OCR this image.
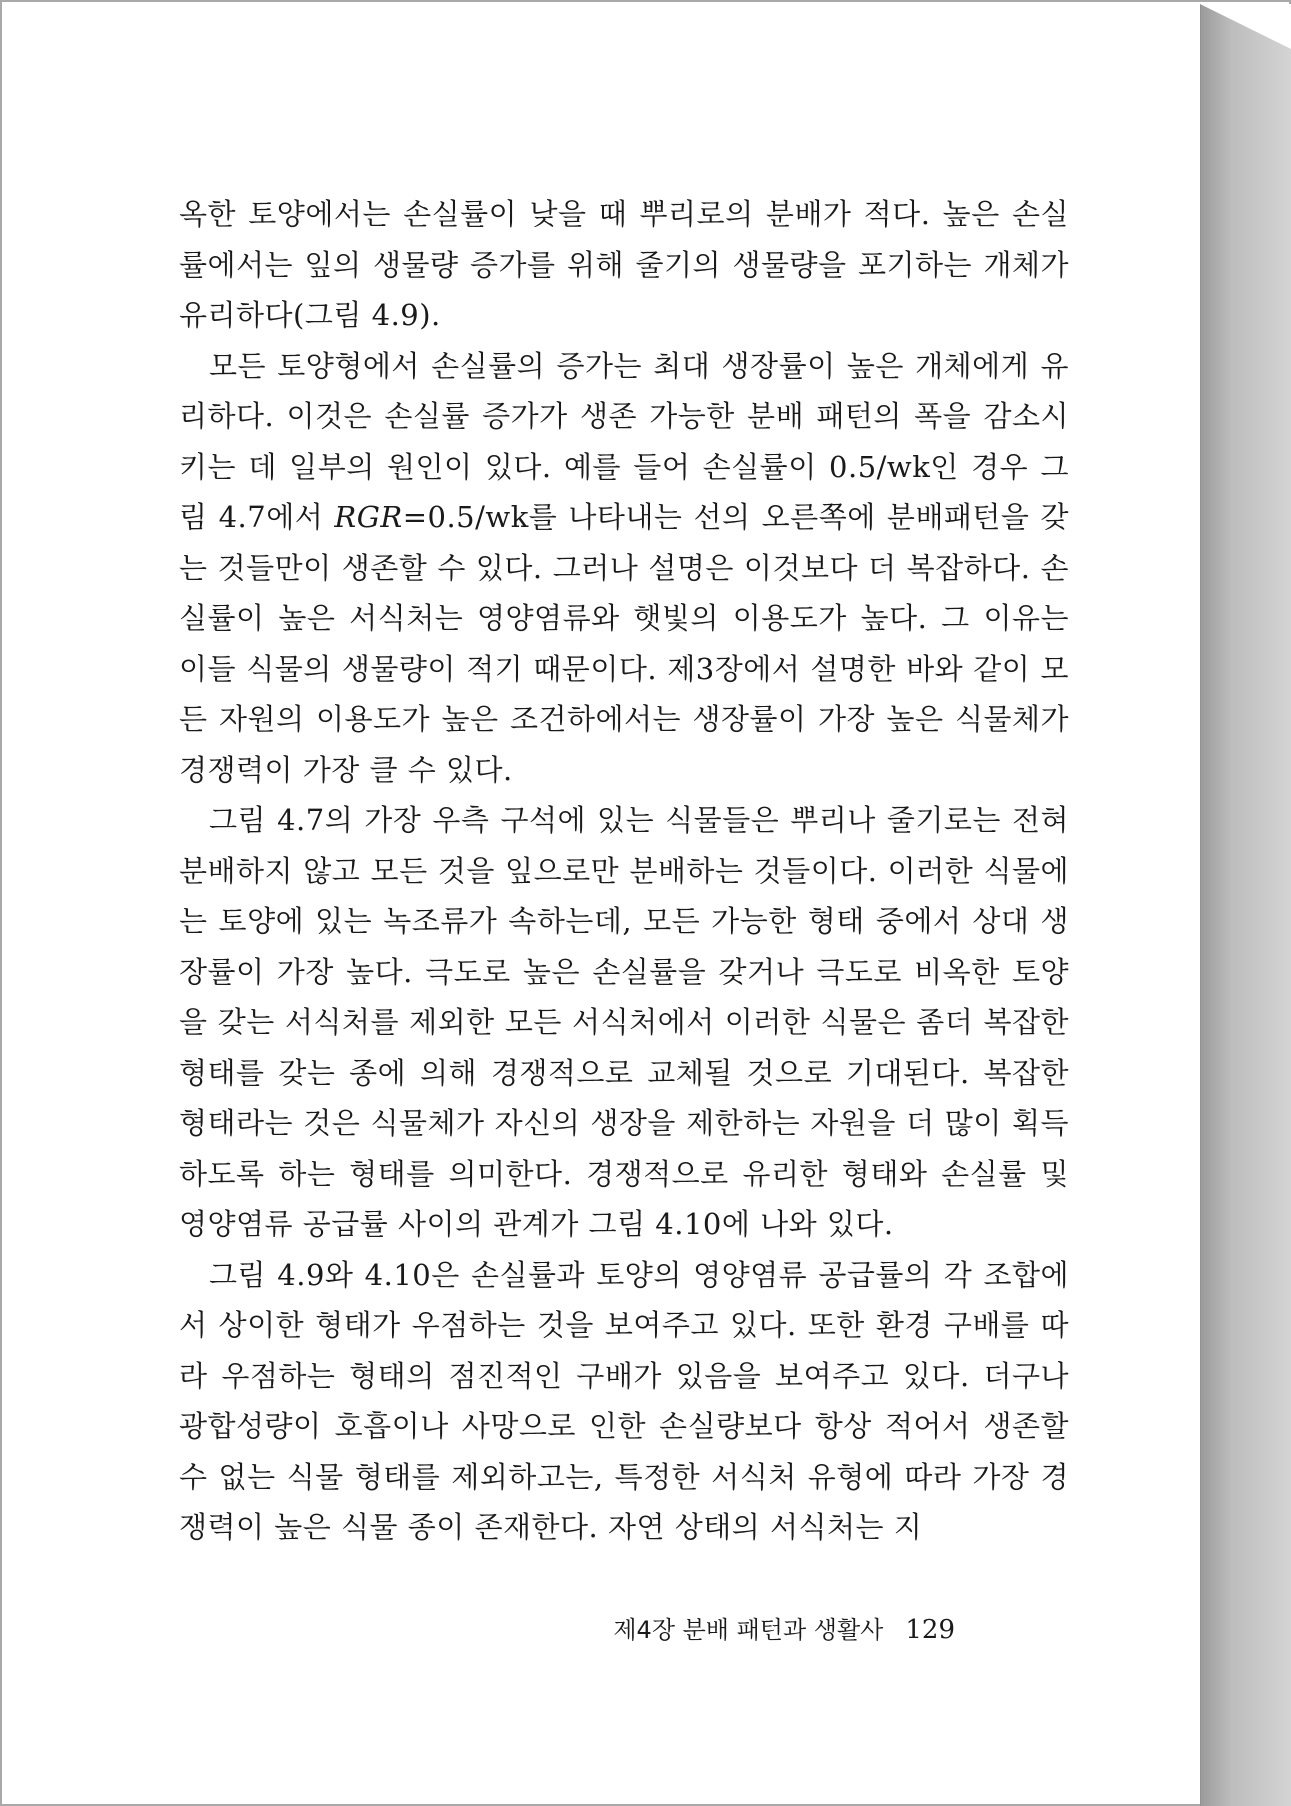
옥한 토양에서는 손실률이 낮을 때 뿌리로의 분배가 적다. 높은 손실률에서는 잎의 생물량 증가를 위해 줄기의 생물량을 포기하는 개체가 유리하다(그림 4.9).

모든 토양형에서 손실률의 증가는 최대 생장률이 높은 개체에게 유리하다. 이것은 손실률 증가가 생존 가능한 분배 패턴의 폭을 감소시키는 데 일부의 원인이 있다. 예를 들어 손실률이 0.5/wk인 경우 그림 4.7에서 RGR=0.5/wk를 나타내는 선의 오른쪽에 분배패턴을 갖는 것들만이 생존할 수 있다. 그러나 설명은 이것보다 더 복잡하다. 손실률이 높은 서식처는 영양염류와 햇빛의 이용도가 높다. 그 이유는 이들 식물의 생물량이 적기 때문이다. 제3장에서 설명한 바와 같이 모든 자원의 이용도가 높은 조건하에서는 생장률이 가장 높은 식물체가 경쟁력이 가장 클 수 있다.

그림 4.7의 가장 우측 구석에 있는 식물들은 뿌리나 줄기로는 전혀 분배하지 않고 모든 것을 잎으로만 분배하는 것들이다. 이러한 식물에는 토양에 있는 녹조류가 속하는데, 모든 가능한 형태 중에서 상대 생장률이 가장 높다. 극도로 높은 손실률을 갖거나 극도로 비옥한 토양을 갖는 서식처를 제외한 모든 서식처에서 이러한 식물은 좀더 복잡한 형태를 갖는 종에 의해 경쟁적으로 교체될 것으로 기대된다. 복잡한 형태라는 것은 식물체가 자신의 생장을 제한하는 자원을 더 많이 획득하도록 하는 형태를 의미한다. 경쟁적으로 유리한 형태와 손실률 및 영양염류 공급률 사이의 관계가 그림 4.10에 나와 있다.

그림 4.9와 4.10은 손실률과 토양의 영양염류 공급률의 각 조합에서 상이한 형태가 우점하는 것을 보여주고 있다. 또한 환경 구배를 따라 우점하는 형태의 점진적인 구배가 있음을 보여주고 있다. 더구나 광합성량이 호흡이나 사망으로 인한 손실량보다 항상 적어서 생존할 수 없는 식물 형태를 제외하고는, 특정한 서식처 유형에 따라 가장 경쟁력이 높은 식물 종이 존재한다. 자연 상태의 서식처는 지

제4장 분배 패턴과 생활사 129
